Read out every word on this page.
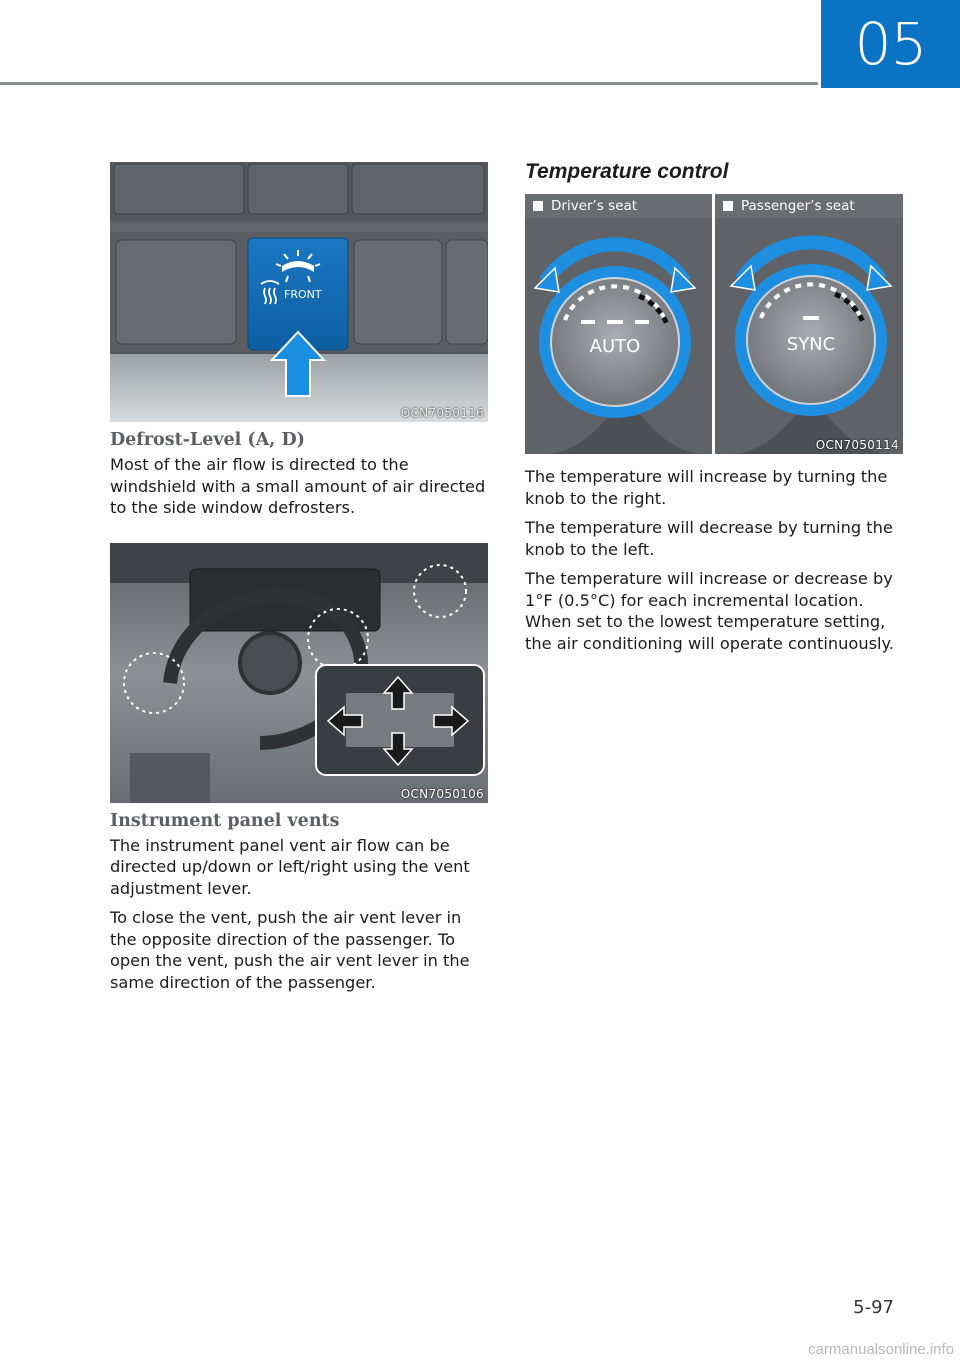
05
FRONT
OCN7050116
Defrost-Level (A, D)

Most of the air flow is directed to the windshield with a small amount of air directed to the side window defrosters.

OCN7050106
Instrument panel vents

The instrument panel vent air flow can be directed up/down or left/right using the vent adjustment lever.

To close the vent, push the air vent lever in the opposite direction of the passenger. To open the vent, push the air vent lever in the same direction of the passenger.

Temperature control
AUTO	SYNC
Driver’s seat	Passenger’s seat
OCN7050114

The temperature will increase by turning the knob to the right.

The temperature will decrease by turning the knob to the left.

The temperature will increase or decrease by 1°F (0.5°C) for each incremental location. When set to the lowest temperature setting, the air conditioning will operate continuously.

5-97
carmanualsonline.info
